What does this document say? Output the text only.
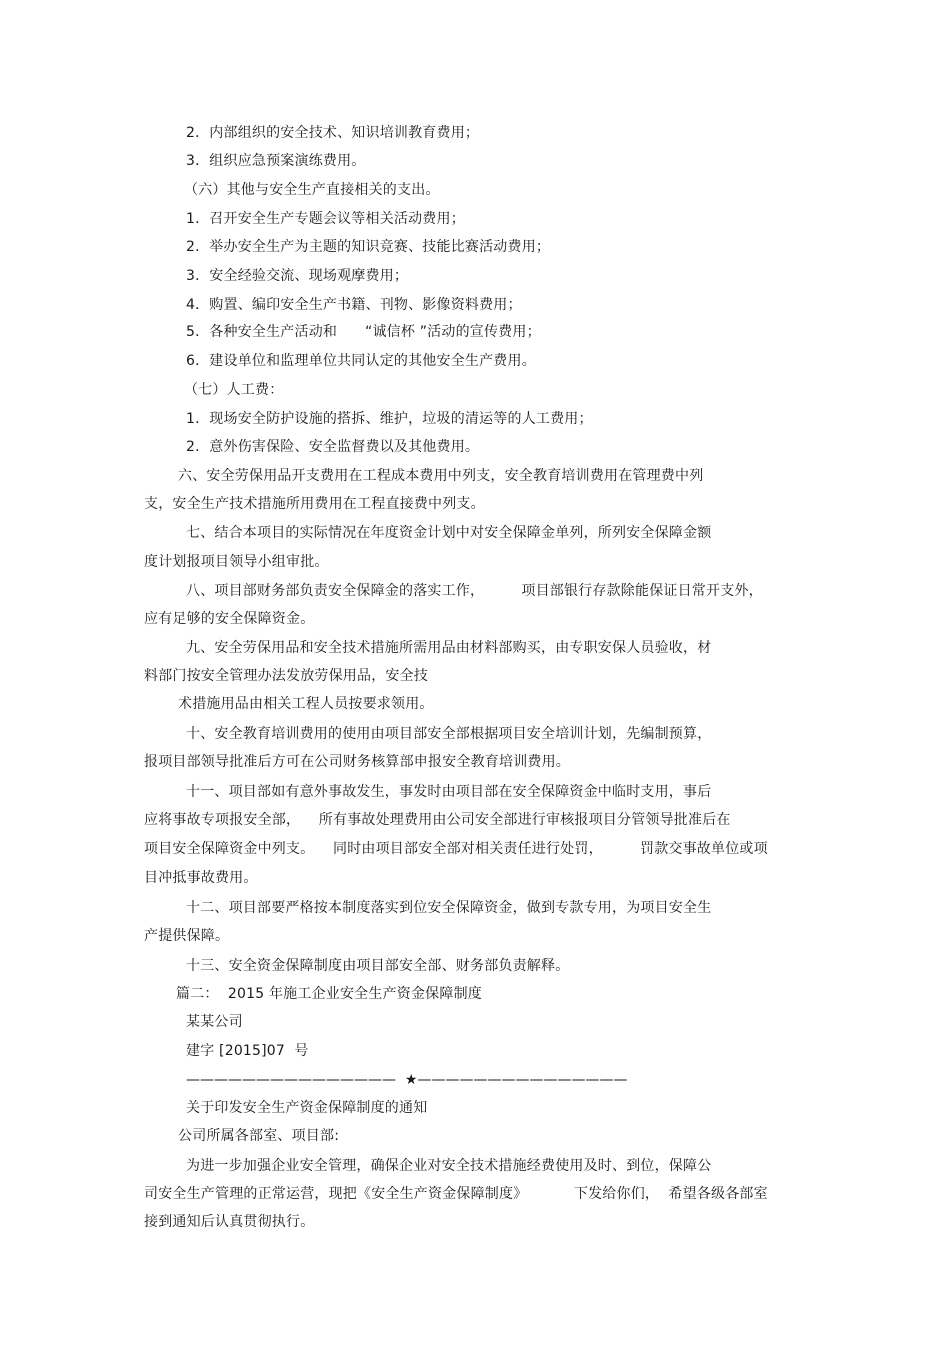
2．内部组织的安全技术、知识培训教育费用；
3．组织应急预案演练费用。
（六）其他与安全生产直接相关的支出。
1．召开安全生产专题会议等相关活动费用；
2．举办安全生产为主题的知识竞赛、技能比赛活动费用；
3．安全经验交流、现场观摩费用；
4．购置、编印安全生产书籍、刊物、影像资料费用；
5．各种安全生产活动和      “诚信杯 ”活动的宣传费用；
6．建设单位和监理单位共同认定的其他安全生产费用。
（七）人工费：
1．现场安全防护设施的搭拆、维护，垃圾的清运等的人工费用；
2．意外伤害保险、安全监督费以及其他费用。
六、安全劳保用品开支费用在工程成本费用中列支，安全教育培训费用在管理费中列
支，安全生产技术措施所用费用在工程直接费中列支。
七、结合本项目的实际情况在年度资金计划中对安全保障金单列，所列安全保障金额
度计划报项目领导小组审批。
八、项目部财务部负责安全保障金的落实工作，        项目部银行存款除能保证日常开支外，
应有足够的安全保障资金。
九、安全劳保用品和安全技术措施所需用品由材料部购买，由专职安保人员验收，材
料部门按安全管理办法发放劳保用品，安全技
术措施用品由相关工程人员按要求领用。
十、安全教育培训费用的使用由项目部安全部根据项目安全培训计划，先编制预算，
报项目部领导批准后方可在公司财务核算部申报安全教育培训费用。
十一、项目部如有意外事故发生，事发时由项目部在安全保障资金中临时支用，事后
应将事故专项报安全部，    所有事故处理费用由公司安全部进行审核报项目分管领导批准后在
项目安全保障资金中列支。    同时由项目部安全部对相关责任进行处罚，        罚款交事故单位或项
目冲抵事故费用。
十二、项目部要严格按本制度落实到位安全保障资金，做到专款专用，为项目安全生
产提供保障。
十三、安全资金保障制度由项目部安全部、财务部负责解释。
篇二：  2015 年施工企业安全生产资金保障制度
某某公司
建字 [2015]07  号
———————————————  ★———————————————
关于印发安全生产资金保障制度的通知
公司所属各部室、项目部:
为进一步加强企业安全管理，确保企业对安全技术措施经费使用及时、到位，保障公
司安全生产管理的正常运营，现把《安全生产资金保障制度》          下发给你们，  希望各级各部室
接到通知后认真贯彻执行。
